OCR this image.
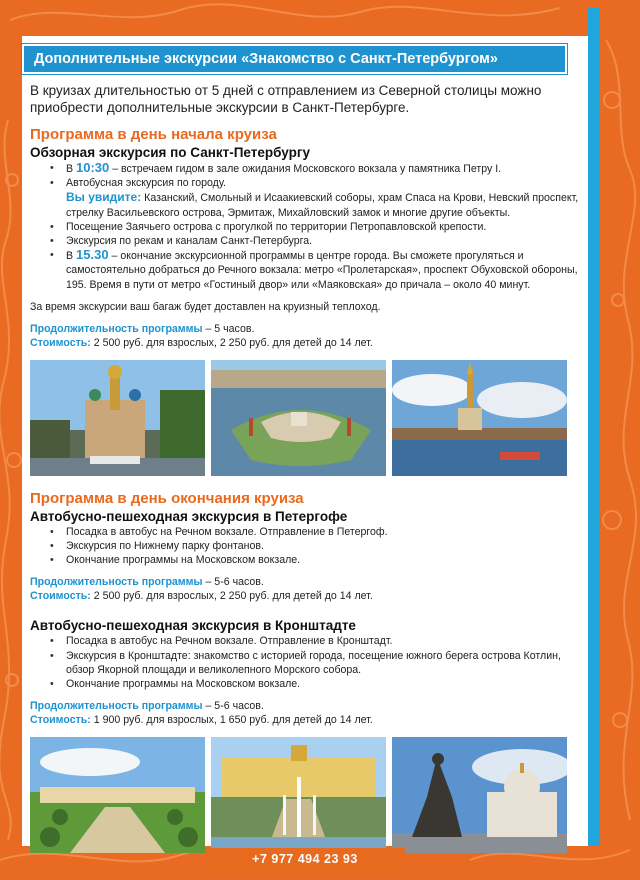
Дополнительные экскурсии «Знакомство с Санкт-Петербургом»

В круизах длительностью от 5 дней с отправлением из Северной столицы можно приобрести дополнительные экскурсии в Санкт-Петербурге.

Программа в день начала круиза
Обзорная экскурсия по Санкт-Петербургу
• В 10:30 – встречаем гидом в зале ожидания Московского вокзала у памятника Петру I.
• Автобусная экскурсия по городу.
Вы увидите: Казанский, Смольный и Исаакиевский соборы, храм Спаса на Крови, Невский проспект, стрелку Васильевского острова, Эрмитаж, Михайловский замок и многие другие объекты.
• Посещение Заячьего острова с прогулкой по территории Петропавловской крепости.
• Экскурсия по рекам и каналам Санкт-Петербурга.
• В 15.30 – окончание экскурсионной программы в центре города. Вы сможете прогуляться и самостоятельно добраться до Речного вокзала: метро «Пролетарская», проспект Обуховской обороны, 195. Время в пути от метро «Гостиный двор» или «Маяковская» до причала – около 40 минут.

За время экскурсии ваш багаж будет доставлен на круизный теплоход.

Продолжительность программы – 5 часов.

Стоимость: 2 500 руб. для взрослых, 2 250 руб. для детей до 14 лет.

Программа в день окончания круиза
Автобусно-пешеходная экскурсия в Петергофе
• Посадка в автобус на Речном вокзале. Отправление в Петергоф.
• Экскурсия по Нижнему парку фонтанов.
• Окончание программы на Московском вокзале.

Продолжительность программы – 5-6 часов.

Стоимость: 2 500 руб. для взрослых, 2 250 руб. для детей до 14 лет.

Автобусно-пешеходная экскурсия в Кронштадте
• Посадка в автобус на Речном вокзале. Отправление в Кронштадт.
• Экскурсия в Кронштадте: знакомство с историей города, посещение южного берега острова Котлин, обзор Якорной площади и великолепного Морского собора.
• Окончание программы на Московском вокзале.

Продолжительность программы – 5-6 часов.

Стоимость: 1 900 руб. для взрослых, 1 650 руб. для детей до 14 лет.

+7 977 494 23 93
